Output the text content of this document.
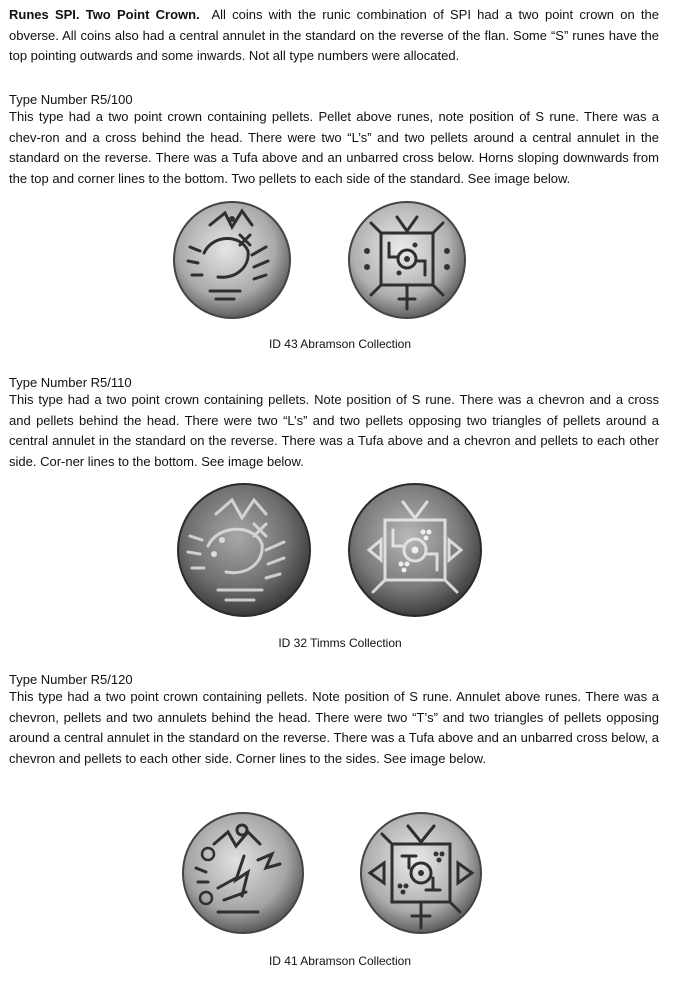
Runes SPI. Two Point Crown. All coins with the runic combination of SPI had a two point crown on the obverse. All coins also had a central annulet in the standard on the reverse of the flan. Some “S” runes have the top pointing outwards and some inwards. Not all type numbers were allocated.

Type Number R5/100

This type had a two point crown containing pellets. Pellet above runes, note position of S rune. There was a chev-ron and a cross behind the head. There were two “L’s” and two pellets around a central annulet in the standard on the reverse. There was a Tufa above and an unbarred cross below. Horns sloping downwards from the top and corner lines to the bottom. Two pellets to each side of the standard. See image below.

ID 43 Abramson Collection

Type Number R5/110

This type had a two point crown containing pellets. Note position of S rune. There was a chevron and a cross and pellets behind the head. There were two “L’s” and two pellets opposing two triangles of pellets around a central annulet in the standard on the reverse. There was a Tufa above and a chevron and pellets to each other side. Cor-ner lines to the bottom. See image below.

ID 32 Timms Collection

Type Number R5/120

This type had a two point crown containing pellets. Note position of S rune. Annulet above runes. There was a chevron, pellets and two annulets behind the head. There were two “T’s” and two triangles of pellets opposing around a central annulet in the standard on the reverse. There was a Tufa above and an unbarred cross below, a chevron and pellets to each other side. Corner lines to the sides. See image below.

ID 41 Abramson Collection
